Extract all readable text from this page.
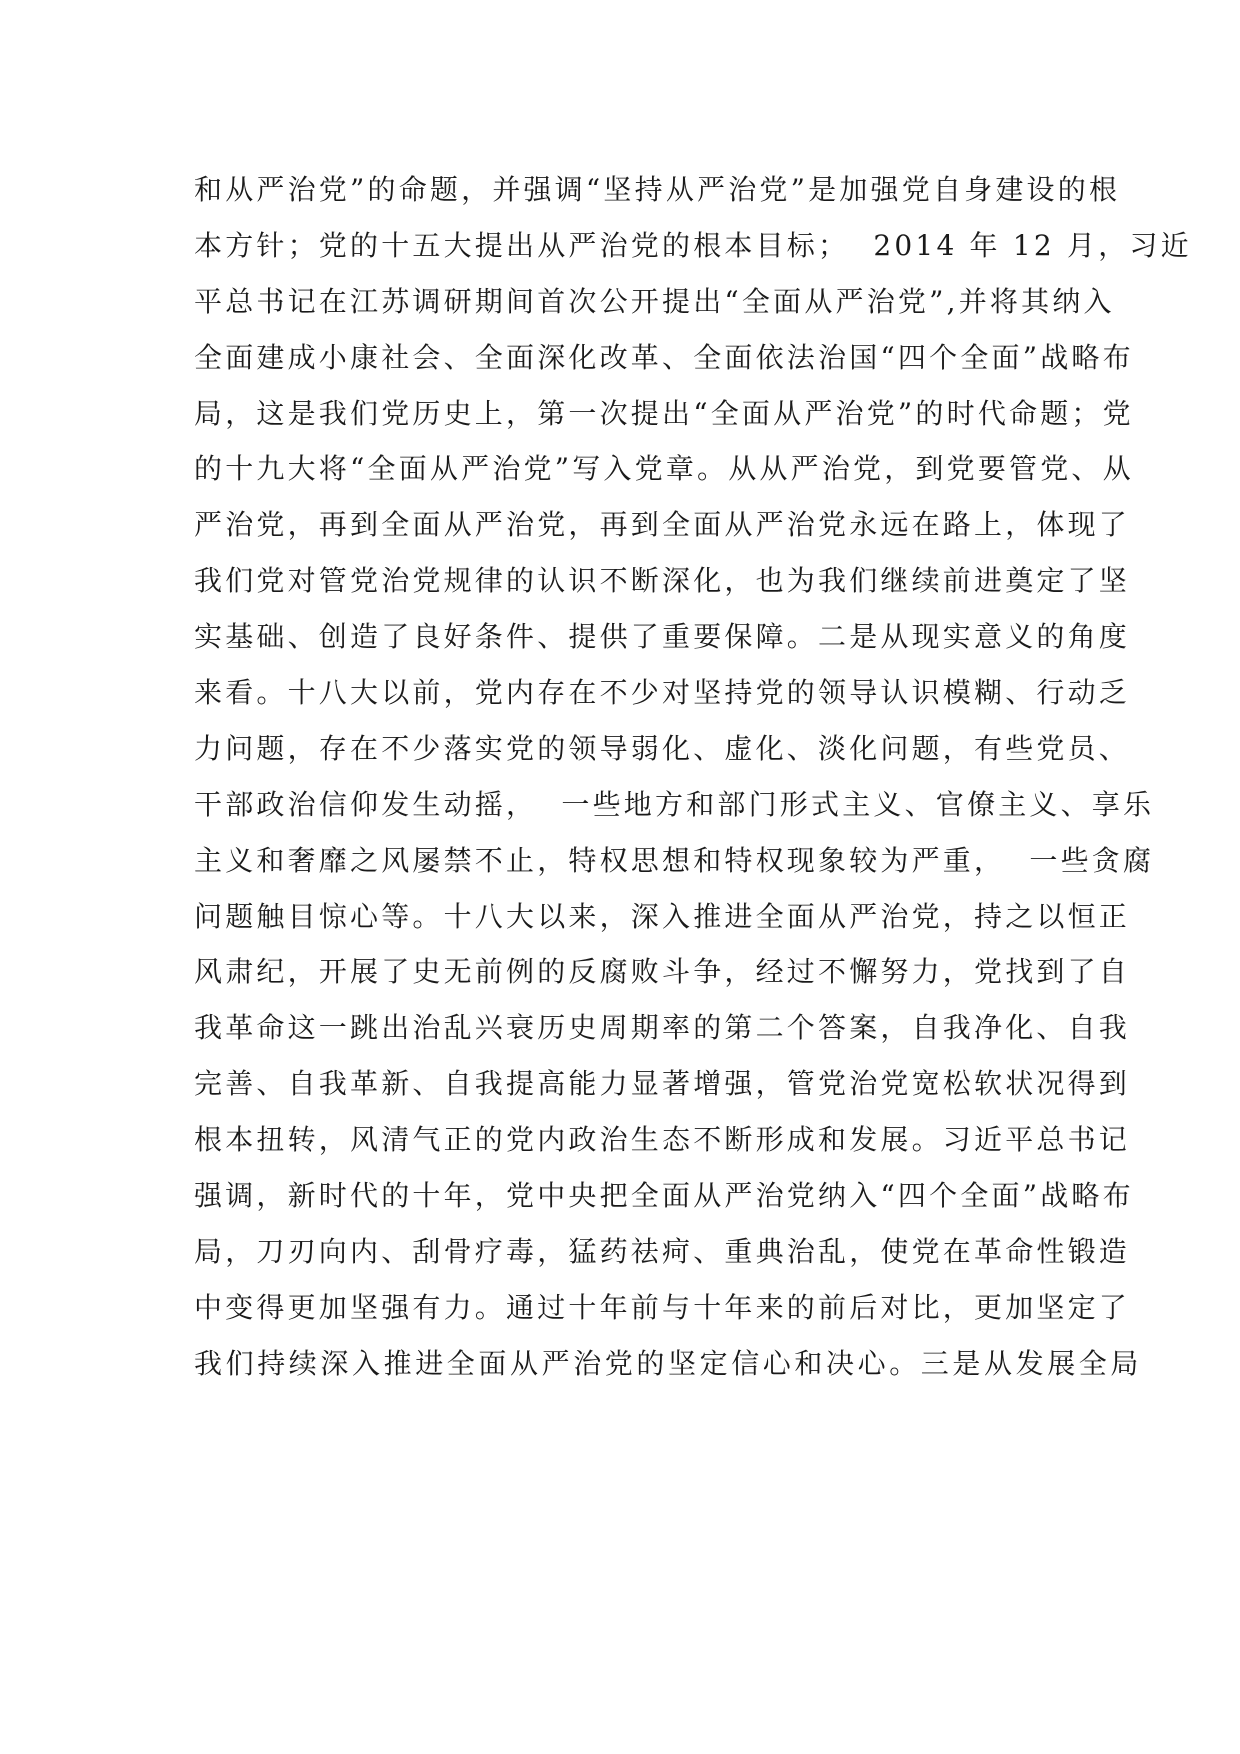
和从严治党”的命题，并强调“坚持从严治党”是加强党自身建设的根
本方针；党的十五大提出从严治党的根本目标；  2014 年 12 月，习近
平总书记在江苏调研期间首次公开提出“全面从严治党”,并将其纳入
全面建成小康社会、全面深化改革、全面依法治国“四个全面”战略布
局，这是我们党历史上，第一次提出“全面从严治党”的时代命题；党
的十九大将“全面从严治党”写入党章。从从严治党，到党要管党、从
严治党，再到全面从严治党，再到全面从严治党永远在路上，体现了
我们党对管党治党规律的认识不断深化，也为我们继续前进奠定了坚
实基础、创造了良好条件、提供了重要保障。二是从现实意义的角度
来看。十八大以前，党内存在不少对坚持党的领导认识模糊、行动乏
力问题，存在不少落实党的领导弱化、虚化、淡化问题，有些党员、
干部政治信仰发生动摇，  一些地方和部门形式主义、官僚主义、享乐
主义和奢靡之风屡禁不止，特权思想和特权现象较为严重，  一些贪腐
问题触目惊心等。十八大以来，深入推进全面从严治党，持之以恒正
风肃纪，开展了史无前例的反腐败斗争，经过不懈努力，党找到了自
我革命这一跳出治乱兴衰历史周期率的第二个答案，自我净化、自我
完善、自我革新、自我提高能力显著增强，管党治党宽松软状况得到
根本扭转，风清气正的党内政治生态不断形成和发展。习近平总书记
强调，新时代的十年，党中央把全面从严治党纳入“四个全面”战略布
局，刀刃向内、刮骨疗毒，猛药祛疴、重典治乱，使党在革命性锻造
中变得更加坚强有力。通过十年前与十年来的前后对比，更加坚定了
我们持续深入推进全面从严治党的坚定信心和决心。三是从发展全局
